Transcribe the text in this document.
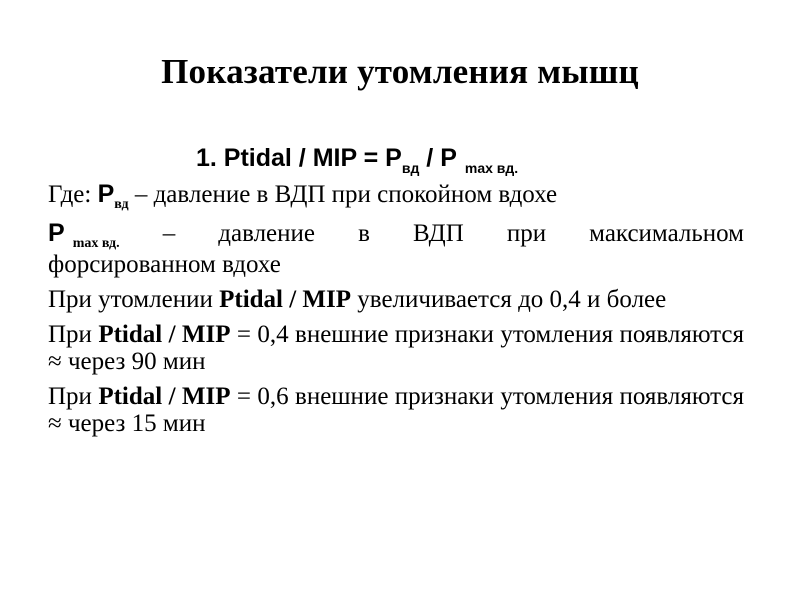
Показатели утомления мышц
1. Ptidal / MIP = $P_{вд}$ / P $_{max вд.}$
Где: $P_{вд}$ – давление в ВДП при спокойном вдохе
P $_{max вд.}$ – давление в ВДП при максимальном
форсированном вдохе
При утомлении Ptidal / MIP увеличивается до 0,4 и более
При Ptidal / MIP = 0,4 внешние признаки утомления появляются ≈ через 90 мин
При Ptidal / MIP = 0,6 внешние признаки утомления появляются ≈ через 15 мин
